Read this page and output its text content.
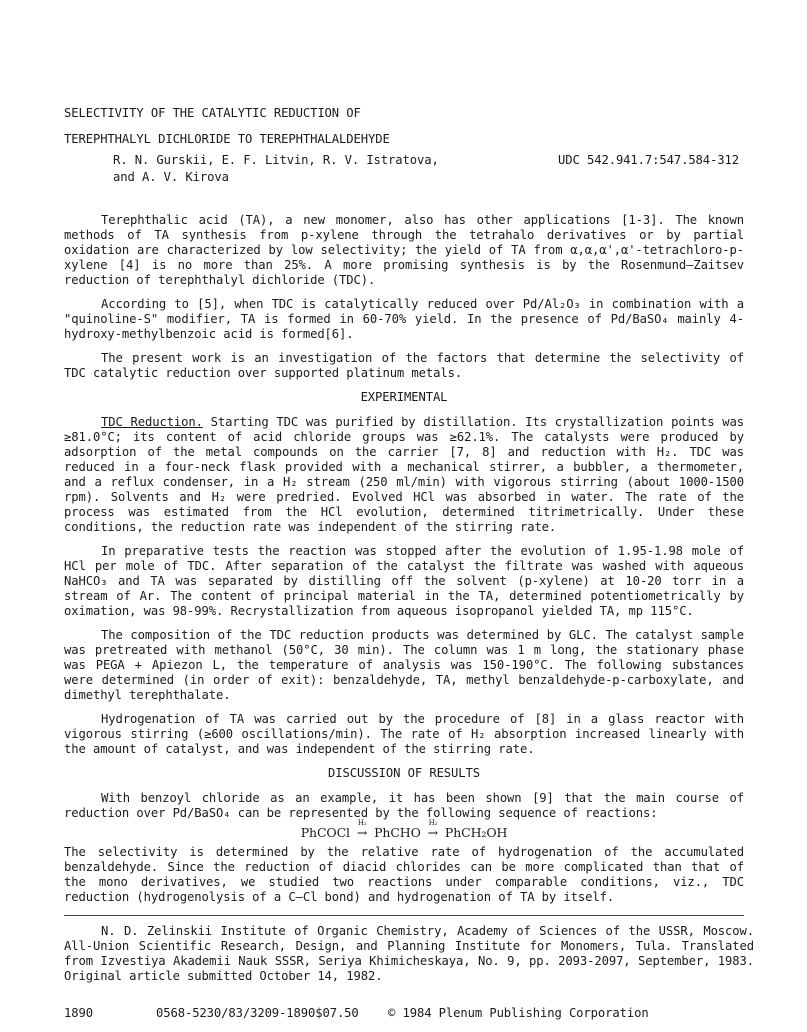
SELECTIVITY OF THE CATALYTIC REDUCTION OF
TEREPHTHALYL DICHLORIDE TO TEREPHTHALALDEHYDE
R. N. Gurskii, E. F. Litvin, R. V. Istratova,
and A. V. Kirova
UDC 542.941.7:547.584-312

Terephthalic acid (TA), a new monomer, also has other applications [1-3]. The known methods of TA synthesis from p-xylene through the tetrahalo derivatives or by partial oxidation are characterized by low selectivity; the yield of TA from α,α,α',α'-tetrachloro-p-xylene [4] is no more than 25%. A more promising synthesis is by the Rosenmund–Zaitsev reduction of terephthalyl dichloride (TDC).

According to [5], when TDC is catalytically reduced over Pd/Al₂O₃ in combination with a "quinoline-S" modifier, TA is formed in 60-70% yield. In the presence of Pd/BaSO₄ mainly 4-hydroxy-methylbenzoic acid is formed[6].

The present work is an investigation of the factors that determine the selectivity of TDC catalytic reduction over supported platinum metals.

EXPERIMENTAL

TDC Reduction. Starting TDC was purified by distillation. Its crystallization points was ≥81.0°C; its content of acid chloride groups was ≥62.1%. The catalysts were produced by adsorption of the metal compounds on the carrier [7, 8] and reduction with H₂. TDC was reduced in a four-neck flask provided with a mechanical stirrer, a bubbler, a thermometer, and a reflux condenser, in a H₂ stream (250 ml/min) with vigorous stirring (about 1000-1500 rpm). Solvents and H₂ were predried. Evolved HCl was absorbed in water. The rate of the process was estimated from the HCl evolution, determined titrimetrically. Under these conditions, the reduction rate was independent of the stirring rate.

In preparative tests the reaction was stopped after the evolution of 1.95-1.98 mole of HCl per mole of TDC. After separation of the catalyst the filtrate was washed with aqueous NaHCO₃ and TA was separated by distilling off the solvent (p-xylene) at 10-20 torr in a stream of Ar. The content of principal material in the TA, determined potentiometrically by oximation, was 98-99%. Recrystallization from aqueous isopropanol yielded TA, mp 115°C.

The composition of the TDC reduction products was determined by GLC. The catalyst sample was pretreated with methanol (50°C, 30 min). The column was 1 m long, the stationary phase was PEGA + Apiezon L, the temperature of analysis was 150-190°C. The following substances were determined (in order of exit): benzaldehyde, TA, methyl benzaldehyde-p-carboxylate, and dimethyl terephthalate.

Hydrogenation of TA was carried out by the procedure of [8] in a glass reactor with vigorous stirring (≥600 oscillations/min). The rate of H₂ absorption increased linearly with the amount of catalyst, and was independent of the stirring rate.

DISCUSSION OF RESULTS

With benzoyl chloride as an example, it has been shown [9] that the main course of reduction over Pd/BaSO₄ can be represented by the following sequence of reactions:

PhCOCl
H₂
→ PhCHO
H₂
→ PhCH₂OH

The selectivity is determined by the relative rate of hydrogenation of the accumulated benzaldehyde. Since the reduction of diacid chlorides can be more complicated than that of the mono derivatives, we studied two reactions under comparable conditions, viz., TDC reduction (hydrogenolysis of a C—Cl bond) and hydrogenation of TA by itself.

N. D. Zelinskii Institute of Organic Chemistry, Academy of Sciences of the USSR, Moscow. All-Union Scientific Research, Design, and Planning Institute for Monomers, Tula. Translated from Izvestiya Akademii Nauk SSSR, Seriya Khimicheskaya, No. 9, pp. 2093-2097, September, 1983. Original article submitted October 14, 1982.

1890	0568-5230/83/3209-1890$07.50	© 1984 Plenum Publishing Corporation
